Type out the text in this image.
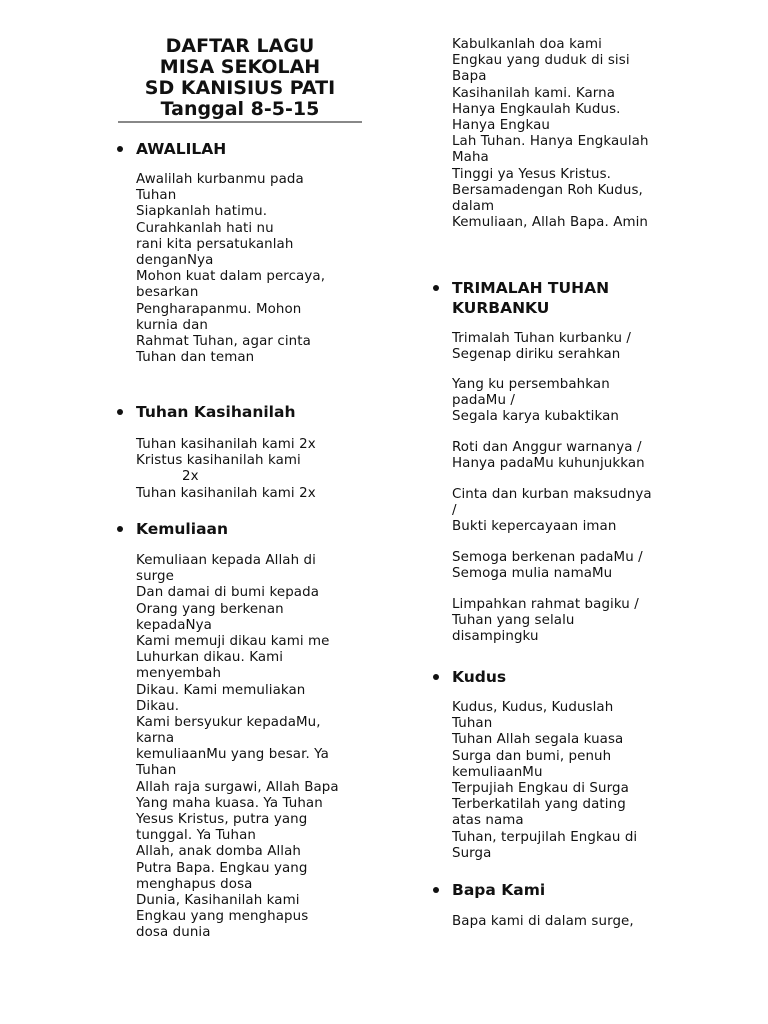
DAFTAR LAGU
MISA SEKOLAH
SD KANISIUS PATI
Tanggal 8-5-15
AWALILAH
Awalilah kurbanmu pada
Tuhan
Siapkanlah hatimu.
Curahkanlah hati nu
rani kita persatukanlah
denganNya
Mohon kuat dalam percaya,
besarkan
Pengharapanmu. Mohon
kurnia dan
Rahmat Tuhan, agar cinta
Tuhan dan teman
Tuhan Kasihanilah
Tuhan kasihanilah kami 2x
Kristus kasihanilah kami
2x
Tuhan kasihanilah kami 2x
Kemuliaan
Kemuliaan kepada Allah di
surge
Dan damai di bumi kepada
Orang yang berkenan
kepadaNya
Kami memuji dikau kami me
Luhurkan dikau. Kami
menyembah
Dikau. Kami memuliakan
Dikau.
Kami bersyukur kepadaMu,
karna
kemuliaanMu yang besar. Ya
Tuhan
Allah raja surgawi, Allah Bapa
Yang maha kuasa. Ya Tuhan
Yesus Kristus, putra yang
tunggal. Ya Tuhan
Allah, anak domba Allah
Putra Bapa. Engkau yang
menghapus dosa
Dunia, Kasihanilah kami
Engkau yang menghapus
dosa dunia
Kabulkanlah doa kami
Engkau yang duduk di sisi
Bapa
Kasihanilah kami. Karna
Hanya Engkaulah Kudus.
Hanya Engkau
Lah Tuhan. Hanya Engkaulah
Maha
Tinggi ya Yesus Kristus.
Bersamadengan Roh Kudus,
dalam
Kemuliaan, Allah Bapa. Amin
TRIMALAH TUHAN
KURBANKU
Trimalah Tuhan kurbanku /
Segenap diriku serahkan
Yang ku persembahkan
padaMu /
Segala karya kubaktikan
Roti dan Anggur warnanya /
Hanya padaMu kuhunjukkan
Cinta dan kurban maksudnya
/
Bukti kepercayaan iman
Semoga berkenan padaMu /
Semoga mulia namaMu
Limpahkan rahmat bagiku /
Tuhan yang selalu
disampingku
Kudus
Kudus, Kudus, Kuduslah
Tuhan
Tuhan Allah segala kuasa
Surga dan bumi, penuh
kemuliaanMu
Terpujiah Engkau di Surga
Terberkatilah yang dating
atas nama
Tuhan, terpujilah Engkau di
Surga
Bapa Kami
Bapa kami di dalam surge,
